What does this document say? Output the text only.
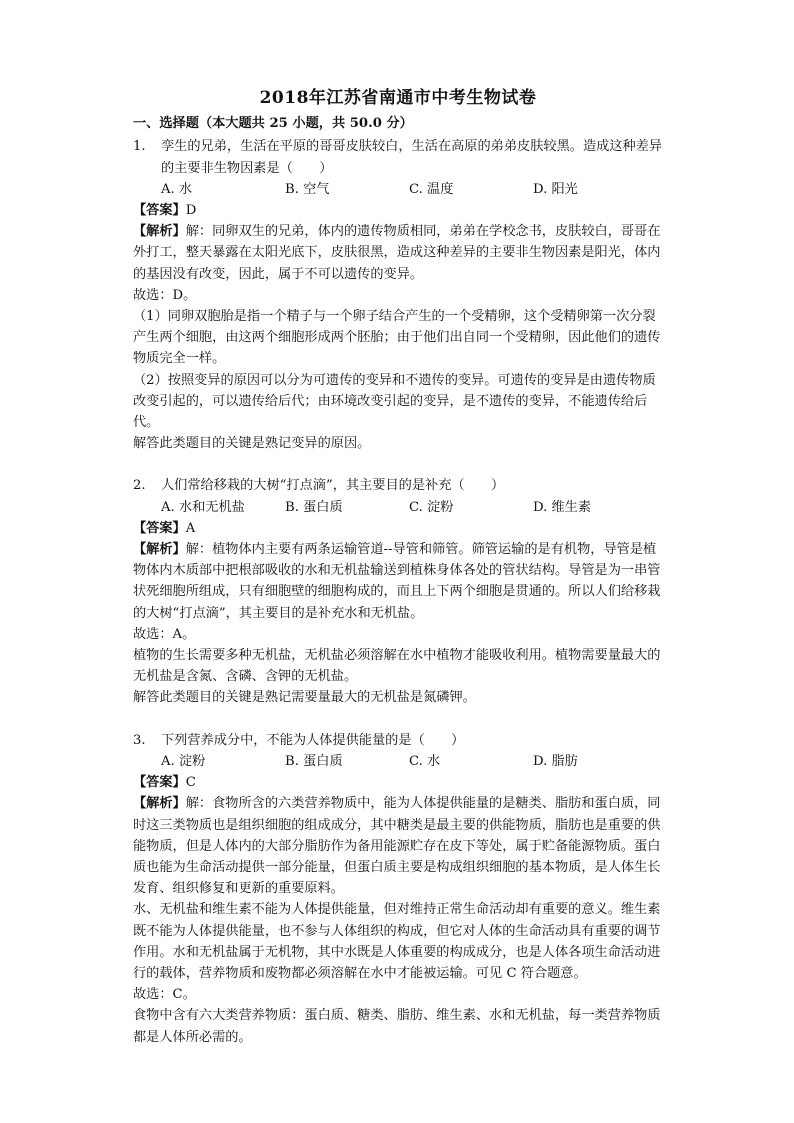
2018年江苏省南通市中考生物试卷
一、选择题（本大题共 25 小题，共 50.0 分）
1.	孪生的兄弟，生活在平原的哥哥皮肤较白，生活在高原的弟弟皮肤较黑。造成这种差异的主要非生物因素是（　　）
A. 水	B. 空气	C. 温度	D. 阳光

【答案】D

【解析】解：同卵双生的兄弟，体内的遗传物质相同，弟弟在学校念书，皮肤较白，哥哥在外打工，整天暴露在太阳光底下，皮肤很黑，造成这种差异的主要非生物因素是阳光，体内的基因没有改变，因此，属于不可以遗传的变异。

故选：D。

（1）同卵双胞胎是指一个精子与一个卵子结合产生的一个受精卵，这个受精卵第一次分裂产生两个细胞，由这两个细胞形成两个胚胎；由于他们出自同一个受精卵，因此他们的遗传物质完全一样。

（2）按照变异的原因可以分为可遗传的变异和不遗传的变异。可遗传的变异是由遗传物质改变引起的，可以遗传给后代；由环境改变引起的变异，是不遗传的变异，不能遗传给后代。

解答此类题目的关键是熟记变异的原因。

2.	人们常给移栽的大树“打点滴”，其主要目的是补充（　　）
A. 水和无机盐	B. 蛋白质	C. 淀粉	D. 维生素

【答案】A

【解析】解：植物体内主要有两条运输管道--导管和筛管。筛管运输的是有机物，导管是植物体内木质部中把根部吸收的水和无机盐输送到植株身体各处的管状结构。导管是为一串管状死细胞所组成，只有细胞壁的细胞构成的，而且上下两个细胞是贯通的。所以人们给移栽的大树“打点滴”，其主要目的是补充水和无机盐。

故选：A。

植物的生长需要多种无机盐，无机盐必须溶解在水中植物才能吸收利用。植物需要量最大的无机盐是含氮、含磷、含钾的无机盐。

解答此类题目的关键是熟记需要量最大的无机盐是氮磷钾。

3.	下列营养成分中，不能为人体提供能量的是（　　）
A. 淀粉	B. 蛋白质	C. 水	D. 脂肪

【答案】C

【解析】解：食物所含的六类营养物质中，能为人体提供能量的是糖类、脂肪和蛋白质，同时这三类物质也是组织细胞的组成成分，其中糖类是最主要的供能物质，脂肪也是重要的供能物质，但是人体内的大部分脂肪作为备用能源贮存在皮下等处，属于贮备能源物质。蛋白质也能为生命活动提供一部分能量，但蛋白质主要是构成组织细胞的基本物质，是人体生长发育、组织修复和更新的重要原料。

水、无机盐和维生素不能为人体提供能量，但对维持正常生命活动却有重要的意义。维生素既不能为人体提供能量，也不参与人体组织的构成，但它对人体的生命活动具有重要的调节作用。水和无机盐属于无机物，其中水既是人体重要的构成成分，也是人体各项生命活动进行的载体，营养物质和废物都必须溶解在水中才能被运输。可见 C 符合题意。

故选：C。

食物中含有六大类营养物质：蛋白质、糖类、脂肪、维生素、水和无机盐，每一类营养物质都是人体所必需的。
